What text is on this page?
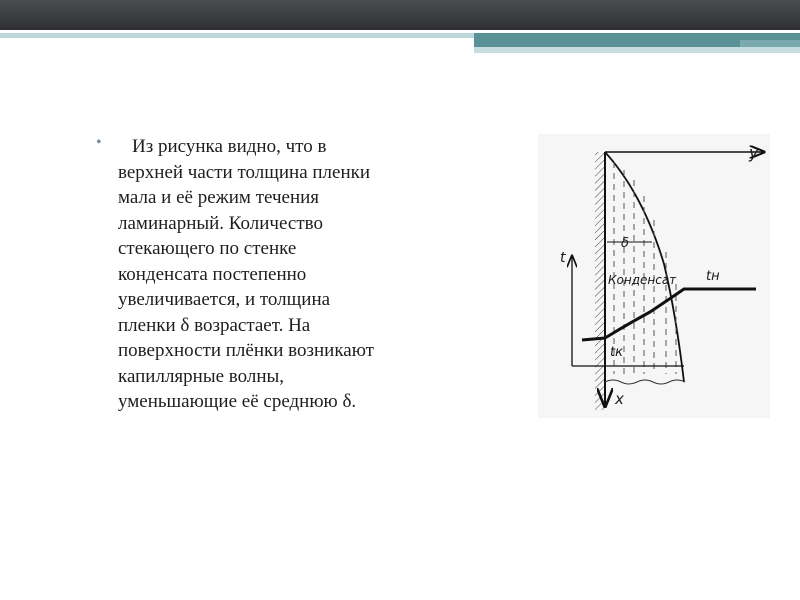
•	Из рисунка видно, что в
верхней части толщина пленки
мала и её режим течения
ламинарный. Количество
стекающего по стенке
конденсата постепенно
увеличивается, и толщина
пленки δ возрастает. На
поверхности плёнки возникают
капиллярные волны,
уменьшающие её среднюю δ.
δ
t
Конденсат tн
tк
y
x
